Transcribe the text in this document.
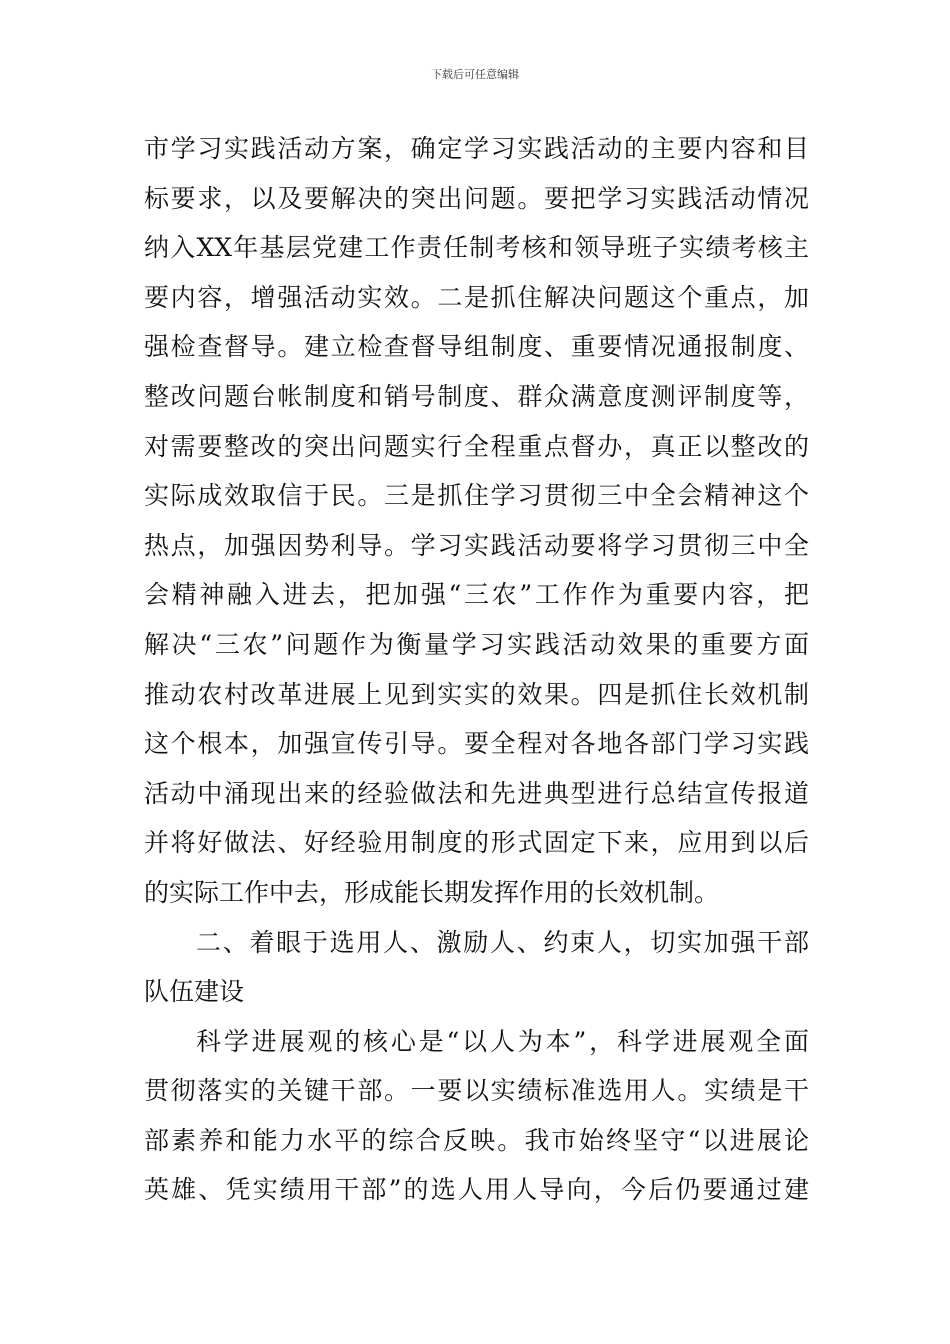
下载后可任意编辑
市学习实践活动方案，确定学习实践活动的主要内容和目
标要求，以及要解决的突出问题。要把学习实践活动情况
纳入XX年基层党建工作责任制考核和领导班子实绩考核主
要内容，增强活动实效。二是抓住解决问题这个重点，加
强检查督导。建立检查督导组制度、重要情况通报制度、
整改问题台帐制度和销号制度、群众满意度测评制度等，
对需要整改的突出问题实行全程重点督办，真正以整改的
实际成效取信于民。三是抓住学习贯彻三中全会精神这个
热点，加强因势利导。学习实践活动要将学习贯彻三中全
会精神融入进去，把加强“三农”工作作为重要内容，把
解决“三农”问题作为衡量学习实践活动效果的重要方面
推动农村改革进展上见到实实的效果。四是抓住长效机制
这个根本，加强宣传引导。要全程对各地各部门学习实践
活动中涌现出来的经验做法和先进典型进行总结宣传报道
并将好做法、好经验用制度的形式固定下来，应用到以后
的实际工作中去，形成能长期发挥作用的长效机制。
二、着眼于选用人、激励人、约束人，切实加强干部
队伍建设
科学进展观的核心是“以人为本”，科学进展观全面
贯彻落实的关键干部。一要以实绩标准选用人。实绩是干
部素养和能力水平的综合反映。我市始终坚守“以进展论
英雄、凭实绩用干部”的选人用人导向，今后仍要通过建
